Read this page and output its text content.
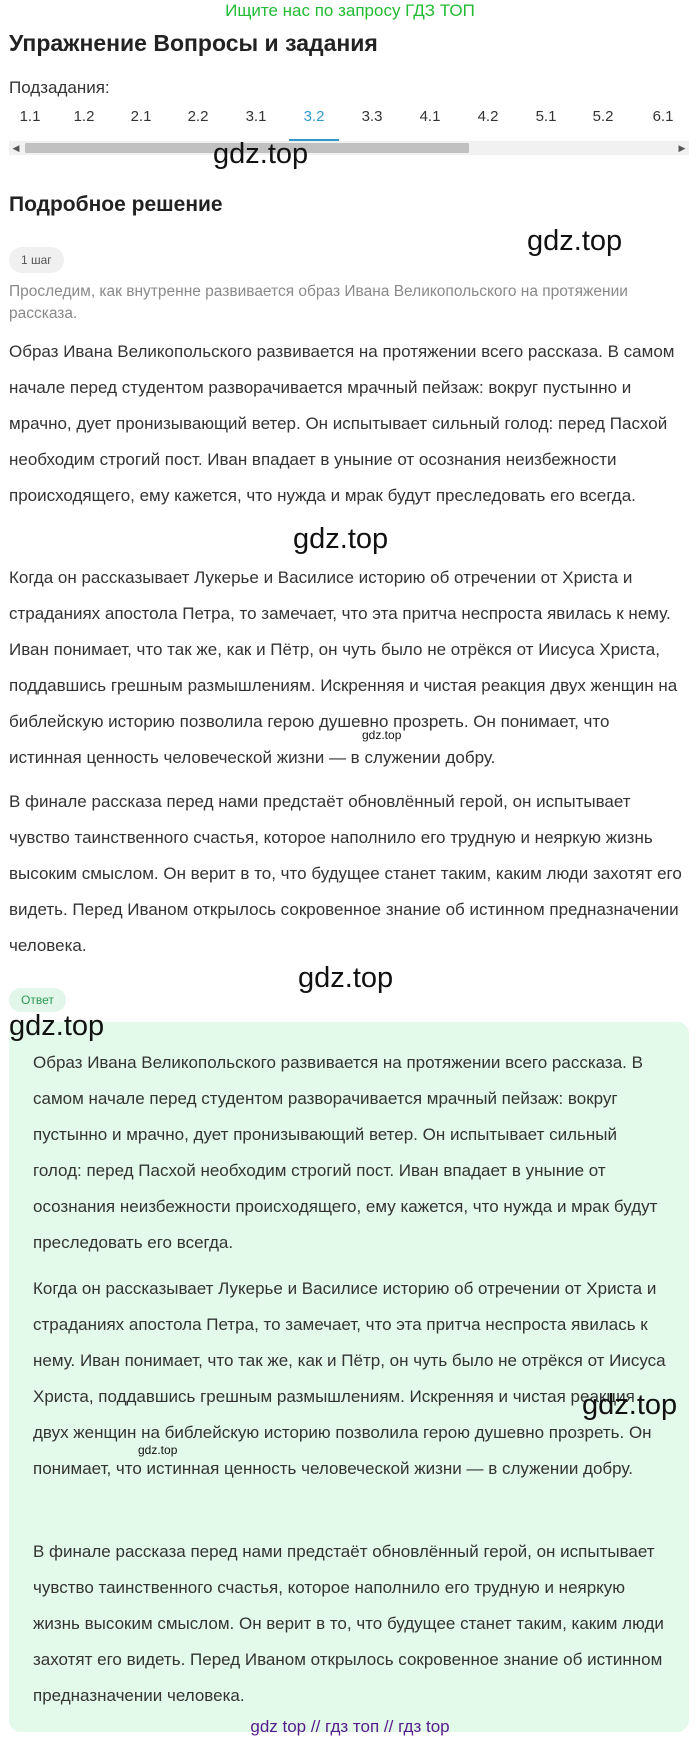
Ищите нас по запросу ГДЗ ТОП
Упражнение Вопросы и задания
Подзадания:
1.1 1.2 2.1 2.2 3.1 3.2 3.3 4.1 4.2 5.1 5.2	6.1
◀	▶
gdz.top
Подробное решение
gdz.top
1 шаг

Проследим, как внутренне развивается образ Ивана Великопольского на протяжении рассказа.

Образ Ивана Великопольского развивается на протяжении всего рассказа. В самом начале перед студентом разворачивается мрачный пейзаж: вокруг пустынно и мрачно, дует пронизывающий ветер. Он испытывает сильный голод: перед Пасхой необходим строгий пост. Иван впадает в уныние от осознания неизбежности происходящего, ему кажется, что нужда и мрак будут преследовать его всегда.

gdz.top

Когда он рассказывает Лукерье и Василисе историю об отречении от Христа и страданиях апостола Петра, то замечает, что эта притча неспроста явилась к нему. Иван понимает, что так же, как и Пётр, он чуть было не отрёкся от Иисуса Христа, поддавшись грешным размышлениям. Искренняя и чистая реакция двух женщин на библейскую историю позволила герою душевно прозреть. Он понимает, что истинная ценность человеческой жизни — в служении добру.

gdz.top

В финале рассказа перед нами предстаёт обновлённый герой, он испытывает чувство таинственного счастья, которое наполнило его трудную и неяркую жизнь высоким смыслом. Он верит в то, что будущее станет таким, каким люди захотят его видеть. Перед Иваном открылось сокровенное знание об истинном предназначении человека.

gdz.top
Ответ
gdz.top

Образ Ивана Великопольского развивается на протяжении всего рассказа. В самом начале перед студентом разворачивается мрачный пейзаж: вокруг пустынно и мрачно, дует пронизывающий ветер. Он испытывает сильный голод: перед Пасхой необходим строгий пост. Иван впадает в уныние от осознания неизбежности происходящего, ему кажется, что нужда и мрак будут преследовать его всегда.

Когда он рассказывает Лукерье и Василисе историю об отречении от Христа и страданиях апостола Петра, то замечает, что эта притча неспроста явилась к нему. Иван понимает, что так же, как и Пётр, он чуть было не отрёкся от Иисуса Христа, поддавшись грешным размышлениям. Искренняя и чистая реакция двух женщин на библейскую историю позволила герою душевно прозреть. Он понимает, что истинная ценность человеческой жизни — в служении добру.

gdz.top
gdz.top

В финале рассказа перед нами предстаёт обновлённый герой, он испытывает чувство таинственного счастья, которое наполнило его трудную и неяркую жизнь высоким смыслом. Он верит в то, что будущее станет таким, каким люди захотят его видеть. Перед Иваном открылось сокровенное знание об истинном предназначении человека.

gdz top // гдз топ // гдз top
